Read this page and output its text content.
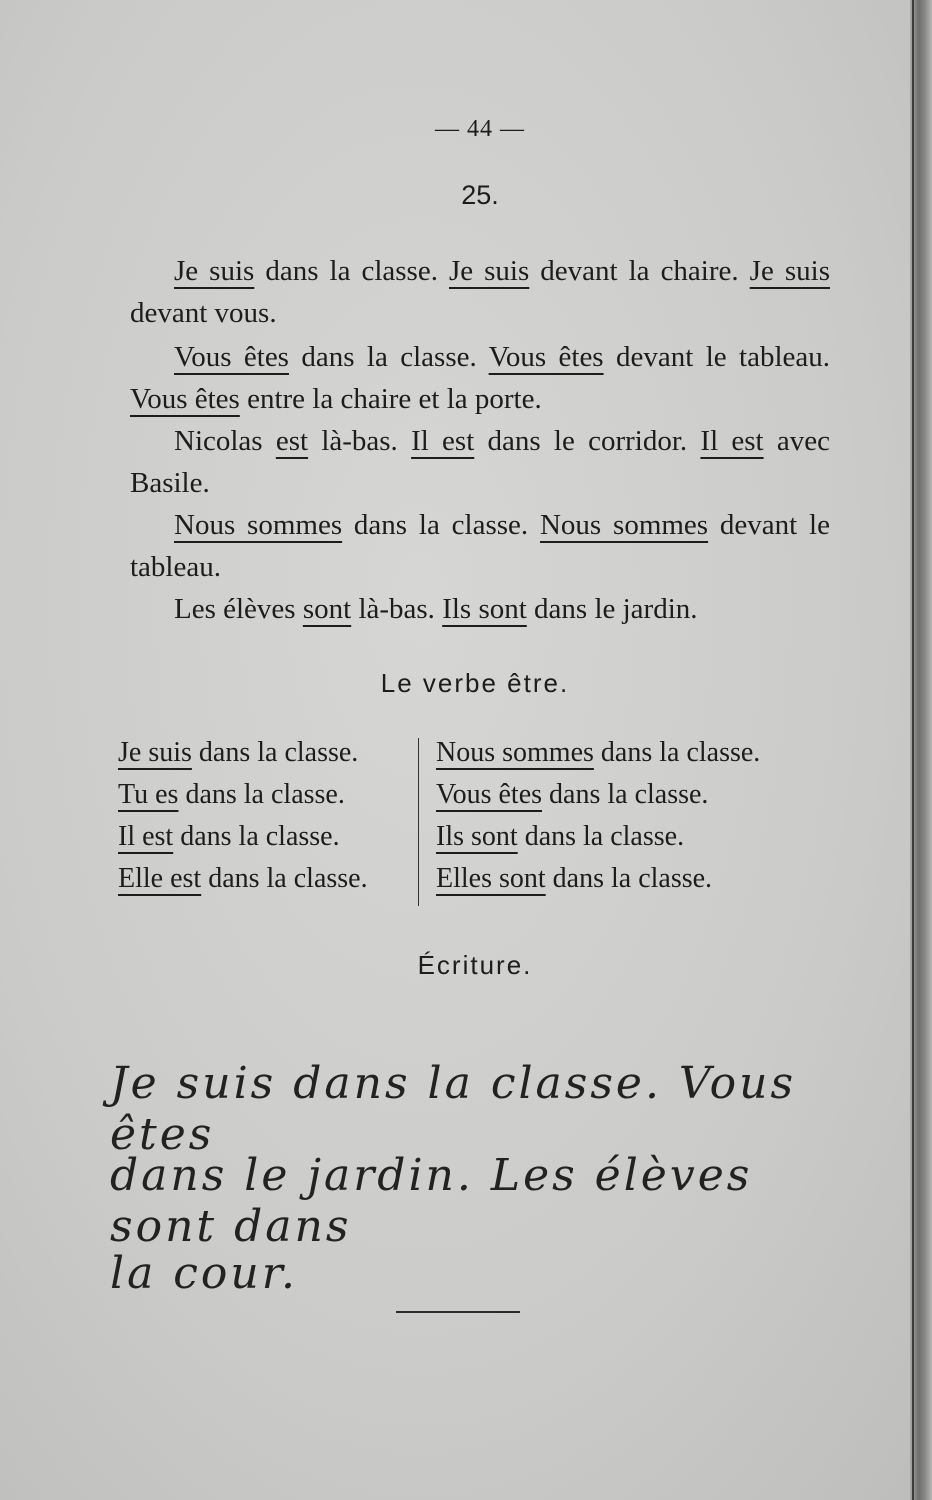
— 44 —
25.
Je suis dans la classe. Je suis devant la chaire. Je suis devant vous.
Vous êtes dans la classe. Vous êtes devant le tableau. Vous êtes entre la chaire et la porte.
Nicolas est là-bas. Il est dans le corridor. Il est avec Basile.
Nous sommes dans la classe. Nous sommes devant le tableau.
Les élèves sont là-bas. Ils sont dans le jardin.
Le verbe être.
Je suis dans la classe.
Tu es dans la classe.
Il est dans la classe.
Elle est dans la classe.
Nous sommes dans la classe.
Vous êtes dans la classe.
Ils sont dans la classe.
Elles sont dans la classe.
Écriture.
Je suis dans la classe. Vous êtes
dans le jardin. Les élèves sont dans
la cour.
